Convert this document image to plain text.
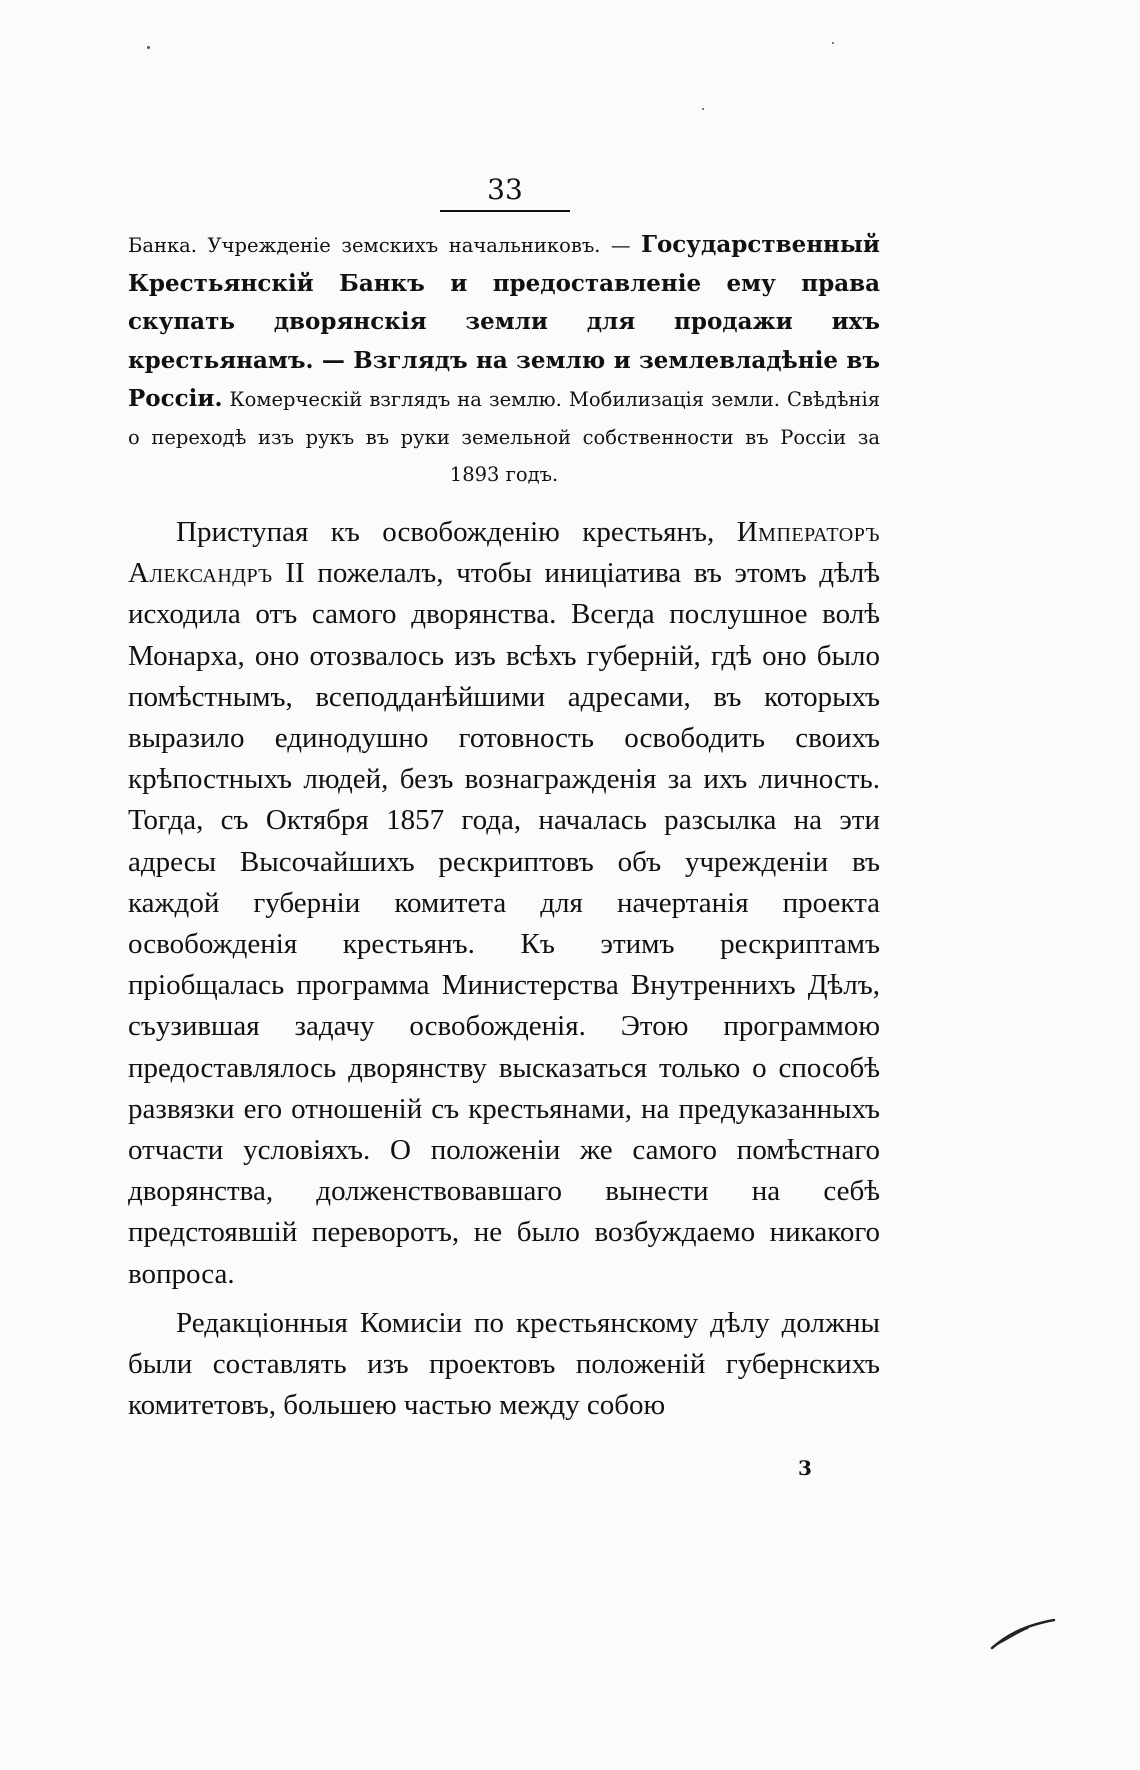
33
Банка. Учрежденіе земскихъ начальниковъ. — Государственный Крестьянскій Банкъ и предоставленіе ему права скупать дворянскія земли для продажи ихъ крестьянамъ. — Взглядъ на землю и землевладѣніе въ Россіи. Комерческій взглядъ на землю. Мобилизація земли. Свѣдѣнія о переходѣ изъ рукъ въ руки земельной собственности въ Россіи за 1893 годъ.

Приступая къ освобожденію крестьянъ, Императоръ Александръ II пожелалъ, чтобы иниціатива въ этомъ дѣлѣ исходила отъ самого дворянства. Всегда послушное волѣ Монарха, оно отозвалось изъ всѣхъ губерній, гдѣ оно было помѣстнымъ, всеподданѣйшими адресами, въ которыхъ выразило единодушно готовность освободить своихъ крѣпостныхъ людей, безъ вознагражденія за ихъ личность. Тогда, съ Октября 1857 года, началась разсылка на эти адресы Высочайшихъ рескриптовъ объ учрежденіи въ каждой губерніи комитета для начертанія проекта освобожденія крестьянъ. Къ этимъ рескриптамъ пріобщалась программа Министерства Внутреннихъ Дѣлъ, съузившая задачу освобожденія. Этою программою предоставлялось дворянству высказаться только о способѣ развязки его отношеній съ крестьянами, на предуказанныхъ отчасти условіяхъ. О положеніи же самого помѣстнаго дворянства, долженствовавшаго вынести на себѣ предстоявшій переворотъ, не было возбуждаемо никакого вопроса.

Редакціонныя Комисіи по крестьянскому дѣлу должны были составлять изъ проектовъ положеній губернскихъ комитетовъ, большею частью между собою

3
